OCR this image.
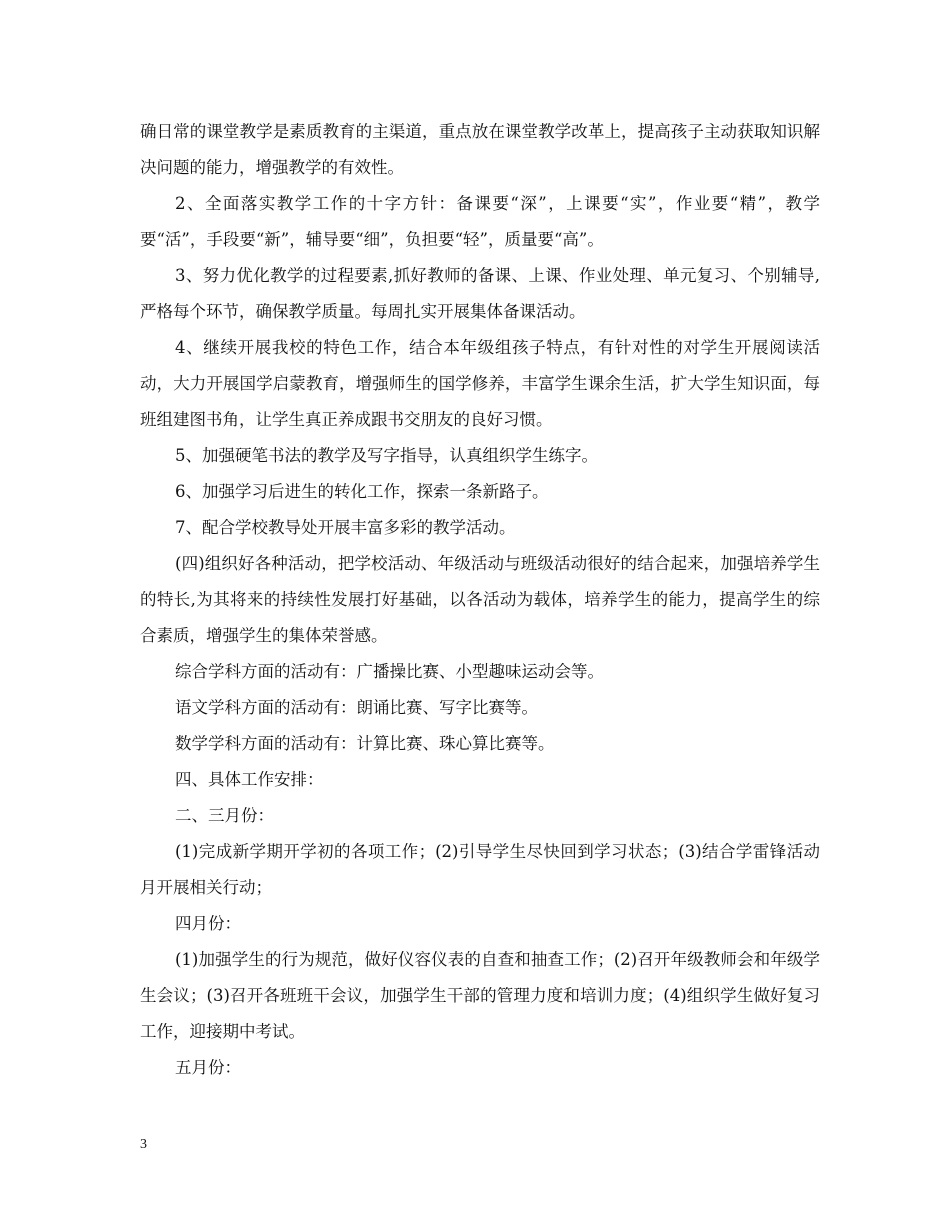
确日常的课堂教学是素质教育的主渠道，重点放在课堂教学改革上，提高孩子主动获取知识解决问题的能力，增强教学的有效性。

2、全面落实教学工作的十字方针：备课要“深”，上课要“实”，作业要“精”，教学要“活”，手段要“新”，辅导要“细”，负担要“轻”，质量要“高”。

3、努力优化教学的过程要素,抓好教师的备课、上课、作业处理、单元复习、个别辅导,严格每个环节，确保教学质量。每周扎实开展集体备课活动。

4、继续开展我校的特色工作，结合本年级组孩子特点，有针对性的对学生开展阅读活动，大力开展国学启蒙教育，增强师生的国学修养，丰富学生课余生活，扩大学生知识面，每班组建图书角，让学生真正养成跟书交朋友的良好习惯。

5、加强硬笔书法的教学及写字指导，认真组织学生练字。

6、加强学习后进生的转化工作，探索一条新路子。

7、配合学校教导处开展丰富多彩的教学活动。

(四)组织好各种活动，把学校活动、年级活动与班级活动很好的结合起来，加强培养学生的特长,为其将来的持续性发展打好基础，以各活动为载体，培养学生的能力，提高学生的综合素质，增强学生的集体荣誉感。

综合学科方面的活动有：广播操比赛、小型趣味运动会等。

语文学科方面的活动有：朗诵比赛、写字比赛等。

数学学科方面的活动有：计算比赛、珠心算比赛等。

四、具体工作安排：

二、三月份：

(1)完成新学期开学初的各项工作；(2)引导学生尽快回到学习状态；(3)结合学雷锋活动月开展相关行动；

四月份：

(1)加强学生的行为规范，做好仪容仪表的自查和抽查工作；(2)召开年级教师会和年级学生会议；(3)召开各班班干会议，加强学生干部的管理力度和培训力度；(4)组织学生做好复习工作，迎接期中考试。

五月份：

3
